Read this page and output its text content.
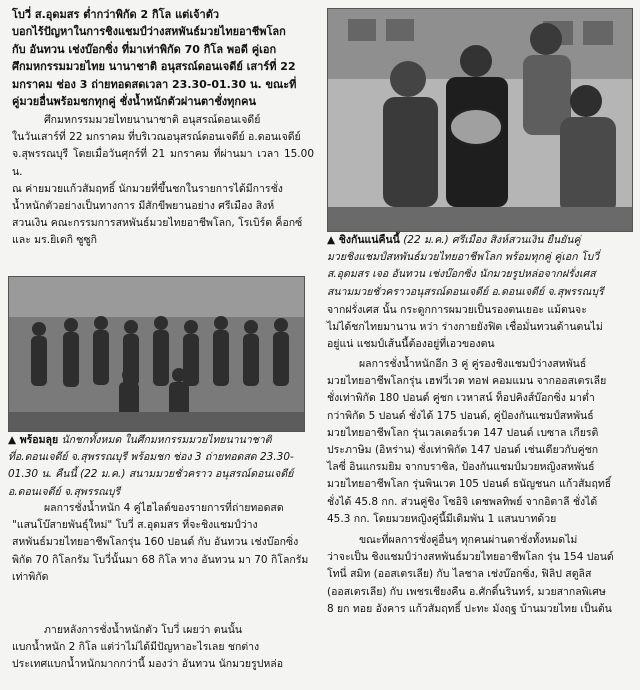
โบวี่ ส.อุดมสร ต่ำกว่าพิกัด 2 กิโล แต่เจ้าตัว
บอกไร้ปัญหาในการชิงแชมป์ว่างสหพันธ์มวยไทยอาชีพโลก
กับ อันทวน เช่งบ๊อกซิ่ง ที่มาเท่าพิกัด 70 กิโล พอดี คู่เอก
ศึกมหกรรมมวยไทย นานาชาติ อนุสรณ์ดอนเจดีย์ เสาร์ที่ 22
มกราคม ช่อง 3 ถ่ายทอดสดเวลา 23.30-01.30 น. ขณะที่
คู่มวยอื่นพร้อมชกทุกคู่ ชั่งน้ำหนักตัวผ่านตาชั่งทุกคน

ศึกมหกรรมมวยไทยนานาชาติ อนุสรณ์ดอนเจดีย์
ในวันเสาร์ที่ 22 มกราคม ที่บริเวณอนุสรณ์ดอนเจดีย์ อ.ดอนเจดีย์
จ.สุพรรณบุรี โดยเมื่อวันศุกร์ที่ 21 มกราคม ที่ผ่านมา เวลา 15.00 น.
ณ ค่ายมวยแก้วสัมฤทธิ์ นักมวยที่ขึ้นชกในรายการได้มีการชั่ง
น้ำหนักตัวอย่างเป็นทางการ มีสักขีพยานอย่าง ศรีเมือง สิงห์
สวนเงิน คณะกรรมการสหพันธ์มวยไทยอาชีพโลก, โรเบิร์ต ค็อกซ์
และ มร.ยิเดกิ ซูซูกิ

▲ พร้อมลุย นักชกทั้งหมด ในศึกมหกรรมมวยไทยนานาชาติ
ที่อ.ดอนเจดีย์ จ.สุพรรณบุรี พร้อมชก ช่อง 3 ถ่ายทอดสด 23.30-
01.30 น. คืนนี้ (22 ม.ค.) สนามมวยชั่วคราว อนุสรณ์ดอนเจดีย์
อ.ดอนเจดีย์ จ.สุพรรณบุรี

ผลการชั่งน้ำหนัก 4 คู่ไฮไลต์ของรายการที่ถ่ายทอดสด
"แสนโบ๊สายพันธุ์ใหม่" โบวี่ ส.อุดมสร ที่จะชิงแชมป์ว่าง
สหพันธ์มวยไทยอาชีพโลกรุ่น 160 ปอนด์ กับ อันทวน เช่งบ๊อกซิ่ง
พิกัด 70 กิโลกรัม โบวี่นั้นมา 68 กิโล ทาง อันทวน มา 70 กิโลกรัม
เท่าพิกัด

ภายหลังการชั่งน้ำหนักตัว โบวี่ เผยว่า ตนนั้น
แบกน้ำหนัก 2 กิโล แต่ว่าไม่ได้มีปัญหาอะไรเลย ชกต่าง
ประเทศแบกน้ำหนักมากกว่านี้ มองว่า อันทวน นักมวยรูปหล่อ

▲ ชิงกันแน่คืนนี้ (22 ม.ค.) ศรีเมือง สิงห์สวนเงิน ยืนยันคู่
มวยชิงแชมป์สหพันธ์มวยไทยอาชีพโลก พร้อมทุกคู่ คู่เอก โบวี่
ส.อุดมสร เจอ อันทวน เช่งบ๊อกซิ่ง นักมวยรูปหล่อจากฝรั่งเศส
สนามมวยชั่วคราวอนุสรณ์ดอนเจดีย์ อ.ดอนเจดีย์ จ.สุพรรณบุรี

จากฝรั่งเศส นั้น กระดูกการผมวยเป็นรองตนเยอะ แม้ตนจะ
ไม่ได้ชกไทยมานาน หว่า ร่างกายยังฟิต เชื่อมั่นทวนด้านตนไม่
อยู่แน่ แชมป์เส้นนี้ต้องอยู่ที่เอวของตน

ผลการชั่งน้ำหนักอีก 3 คู่ คู่รองชิงแชมป์ว่างสหพันธ์
มวยไทยอาชีพโลกรุ่น เฮฟวี่เวต ทอฟ คอมแมน จากออสเตรเลีย
ชั่งเท่าพิกัด 180 ปอนด์ คู่ชก เวหาสน์ ท็อปคิงส์บ๊อกซิ่ง มาต่ำ
กว่าพิกัด 5 ปอนด์ ชั่งได้ 175 ปอนด์, คู่ป้องกันแชมป์สหพันธ์
มวยไทยอาชีพโลก รุ่นเวลเตอร์เวต 147 ปอนด์ เบซาล เกียรติ
ประภาษิม (อิหร่าน) ชั่งเท่าพิกัด 147 ปอนด์ เช่นเดียวกับคู่ชก
ไลซี่ อินแกรมยิม จากบราซิล, ป้องกันแชมป์มวยหญิงสหพันธ์
มวยไทยอาชีพโลก รุ่นพินเวต 105 ปอนด์ ธนัญชนก แก้วสัมฤทธิ์
ชั่งได้ 45.8 กก. ส่วนคู่ชิง โซอิจิ เดชพลทิพย์ จากอิตาลี ชั่งได้
45.3 กก. โดยมวยหญิงคู่นี้มีเดิมพัน 1 แสนบาทด้วย

ขณะที่ผลการชั่งคู่อื่นๆ ทุกคนผ่านตาชั่งทั้งหมดไม่
ว่าจะเป็น ชิงแชมป์ว่างสหพันธ์มวยไทยอาชีพโลก รุ่น 154 ปอนด์
โทนี่ สมิท (ออสเตรเลีย) กับ ไลชาล เช่งบ๊อกซิ่ง, ฟิลิป สตูลิส
(ออสเตรเลีย) กับ เพชรเชียงคืน อ.ศักดิ์นรินทร์, มวยสากลพิเศษ
8 ยก ทอย อังคาร แก้วสัมฤทธิ์ ปะทะ มังฤฐ บ้านมวยไทย เป็นต้น
